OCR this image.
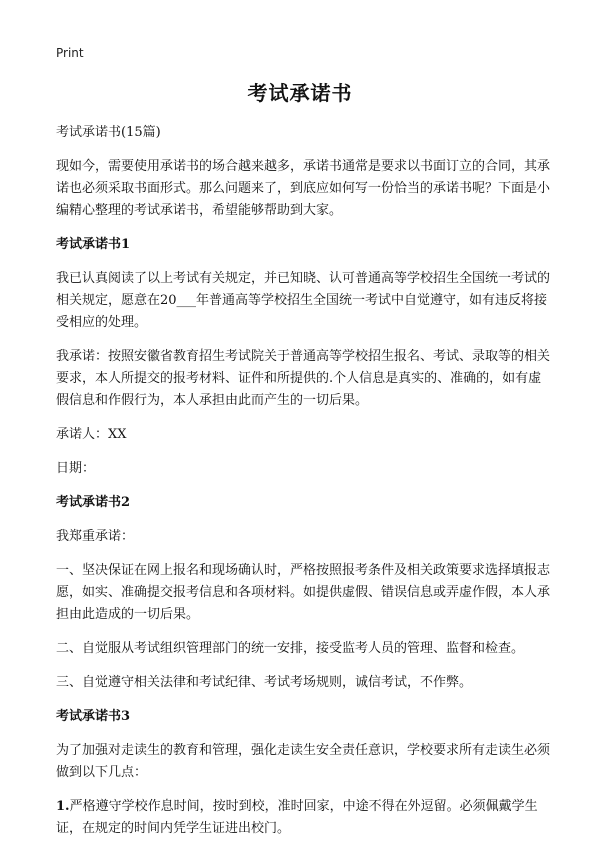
Print
考试承诺书

考试承诺书(15篇)

现如今，需要使用承诺书的场合越来越多，承诺书通常是要求以书面订立的合同，其承诺也必须采取书面形式。那么问题来了，到底应如何写一份恰当的承诺书呢？下面是小编精心整理的考试承诺书，希望能够帮助到大家。

考试承诺书1

我已认真阅读了以上考试有关规定，并已知晓、认可普通高等学校招生全国统一考试的相关规定，愿意在20___年普通高等学校招生全国统一考试中自觉遵守，如有违反将接受相应的处理。

我承诺：按照安徽省教育招生考试院关于普通高等学校招生报名、考试、录取等的相关要求，本人所提交的报考材料、证件和所提供的.个人信息是真实的、准确的，如有虚假信息和作假行为，本人承担由此而产生的一切后果。

承诺人：XX

日期：

考试承诺书2

我郑重承诺：

一、坚决保证在网上报名和现场确认时，严格按照报考条件及相关政策要求选择填报志愿，如实、准确提交报考信息和各项材料。如提供虚假、错误信息或弄虚作假，本人承担由此造成的一切后果。

二、自觉服从考试组织管理部门的统一安排，接受监考人员的管理、监督和检查。

三、自觉遵守相关法律和考试纪律、考试考场规则，诚信考试，不作弊。

考试承诺书3

为了加强对走读生的教育和管理，强化走读生安全责任意识，学校要求所有走读生必须做到以下几点：

1.严格遵守学校作息时间，按时到校，准时回家，中途不得在外逗留。必须佩戴学生证，在规定的时间内凭学生证进出校门。
